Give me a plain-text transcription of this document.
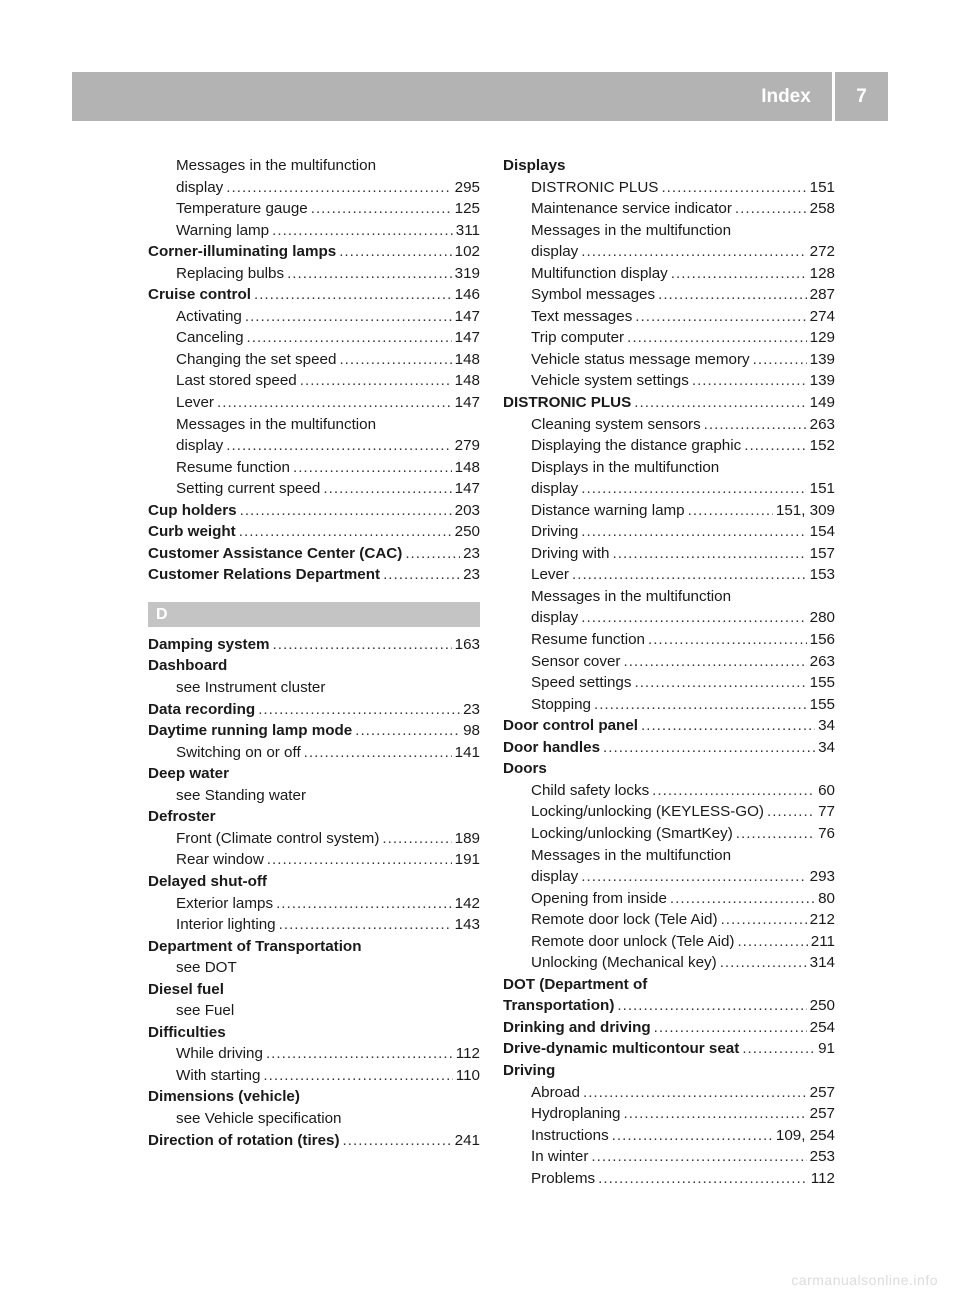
Index	7
Messages in the multifunction
display .....	295
Temperature gauge .....	125
Warning lamp .....	311
Corner-illuminating lamps .....	102
Replacing bulbs .....	319
Cruise control .....	146
Activating .....	147
Canceling .....	147
Changing the set speed .....	148
Last stored speed .....	148
Lever .....	147
Messages in the multifunction
display .....	279
Resume function .....	148
Setting current speed .....	147
Cup holders .....	203
Curb weight .....	250
Customer Assistance Center (CAC) .....	23
Customer Relations Department .....	23
D
Damping system .....	163
Dashboard
see Instrument cluster
Data recording .....	23
Daytime running lamp mode .....	98
Switching on or off .....	141
Deep water
see Standing water
Defroster
Front (Climate control system) .....	189
Rear window .....	191
Delayed shut-off
Exterior lamps .....	142
Interior lighting .....	143
Department of Transportation
see DOT
Diesel fuel
see Fuel
Difficulties
While driving .....	112
With starting .....	110
Dimensions (vehicle)
see Vehicle specification
Direction of rotation (tires) .....	241
Displays
DISTRONIC PLUS .....	151
Maintenance service indicator .....	258
Messages in the multifunction
display .....	272
Multifunction display .....	128
Symbol messages .....	287
Text messages .....	274
Trip computer .....	129
Vehicle status message memory .....	139
Vehicle system settings .....	139
DISTRONIC PLUS .....	149
Cleaning system sensors .....	263
Displaying the distance graphic .....	152
Displays in the multifunction
display .....	151
Distance warning lamp .....	151, 309
Driving .....	154
Driving with .....	157
Lever .....	153
Messages in the multifunction
display .....	280
Resume function .....	156
Sensor cover .....	263
Speed settings .....	155
Stopping .....	155
Door control panel .....	34
Door handles .....	34
Doors
Child safety locks .....	60
Locking/unlocking (KEYLESS-GO) .....	77
Locking/unlocking (SmartKey) .....	76
Messages in the multifunction
display .....	293
Opening from inside .....	80
Remote door lock (Tele Aid) .....	212
Remote door unlock (Tele Aid) .....	211
Unlocking (Mechanical key) .....	314
DOT (Department of
Transportation) .....	250
Drinking and driving .....	254
Drive-dynamic multicontour seat .....	91
Driving
Abroad .....	257
Hydroplaning .....	257
Instructions .....	109, 254
In winter .....	253
Problems .....	112
carmanualsonline.info
